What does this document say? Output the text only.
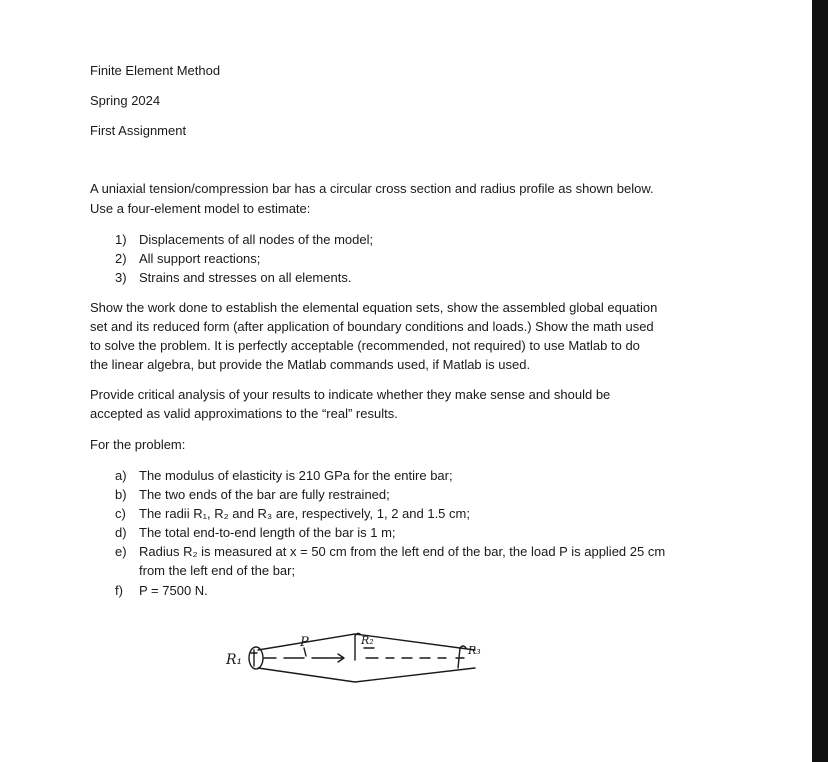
Finite Element Method
Spring 2024
First Assignment
A uniaxial tension/compression bar has a circular cross section and radius profile as shown below.
Use a four-element model to estimate:
1) Displacements of all nodes of the model;
2) All support reactions;
3) Strains and stresses on all elements.
Show the work done to establish the elemental equation sets, show the assembled global equation
set and its reduced form (after application of boundary conditions and loads.) Show the math used
to solve the problem. It is perfectly acceptable (recommended, not required) to use Matlab to do
the linear algebra, but provide the Matlab commands used, if Matlab is used.
Provide critical analysis of your results to indicate whether they make sense and should be
accepted as valid approximations to the “real” results.
For the problem:
a) The modulus of elasticity is 210 GPa for the entire bar;
b) The two ends of the bar are fully restrained;
c) The radii R₁, R₂ and R₃ are, respectively, 1, 2 and 1.5 cm;
d) The total end-to-end length of the bar is 1 m;
e) Radius R₂ is measured at x = 50 cm from the left end of the bar, the load P is applied 25 cm
from the left end of the bar;
f) P = 7500 N.
R₁
P	R₂
R₃
